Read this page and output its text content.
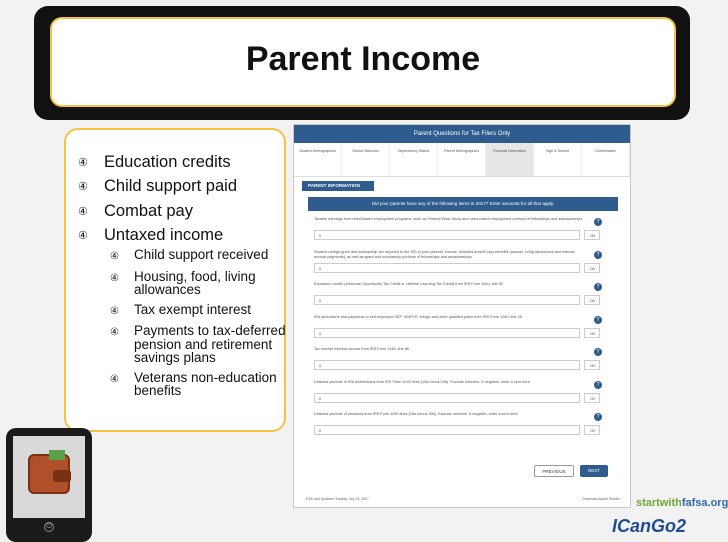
Parent Income
④ Education credits
④ Child support paid
④ Combat pay
④ Untaxed income
④	Child support received
④	Housing, food, living allowances
④	Tax exempt interest
④	Payments to tax-deferred pension and retirement savings plans
④	Veterans non-education benefits
⏻
Parent Questions for Tax Filers Only
Student Demographics	School Selection	Dependency Status	Parent Demographics	Financial Information	Sign & Submit	Confirmation
PARENT INFORMATION
Did your parents have any of the following items in 2017? Enter amounts for all that apply.
Taxable earnings from need-based employment programs, such as Federal Work-Study and need-based employment portions of fellowships and assistantships	?
0	.00
Student college grant and scholarship aid reported to the IRS in your parents' income. Includes AmeriCorps benefits (awards, living allowances and interest accrual payments), as well as grant and scholarship portions of fellowships and assistantships	?
0	.00
Education credits (American Opportunity Tax Credit or Lifetime Learning Tax Credit) from IRS Form 1040–line 50	?
0	.00
IRA deductions and payments to self-employed SEP, SIMPLE, Keogh and other qualified plans from IRS Form 1040–line 28	?
0	.00
Tax exempt interest income from IRS Form 1040–line 8b	?
0	.00
Untaxed portions of IRA distributions from IRS Form 1040 lines (15a minus 15b). Exclude rollovers. If negative, enter a zero here	?
0	.00
Untaxed portions of pensions from IRS Form 1040 lines (16a minus 16b). Exclude rollovers. If negative, enter a zero here	?
0	.00
PREVIOUS	NEXT
FSA Last Updated: Sunday, July 23, 2017	Download Adobe Reader startwithfafsa.org
ICanGo2
